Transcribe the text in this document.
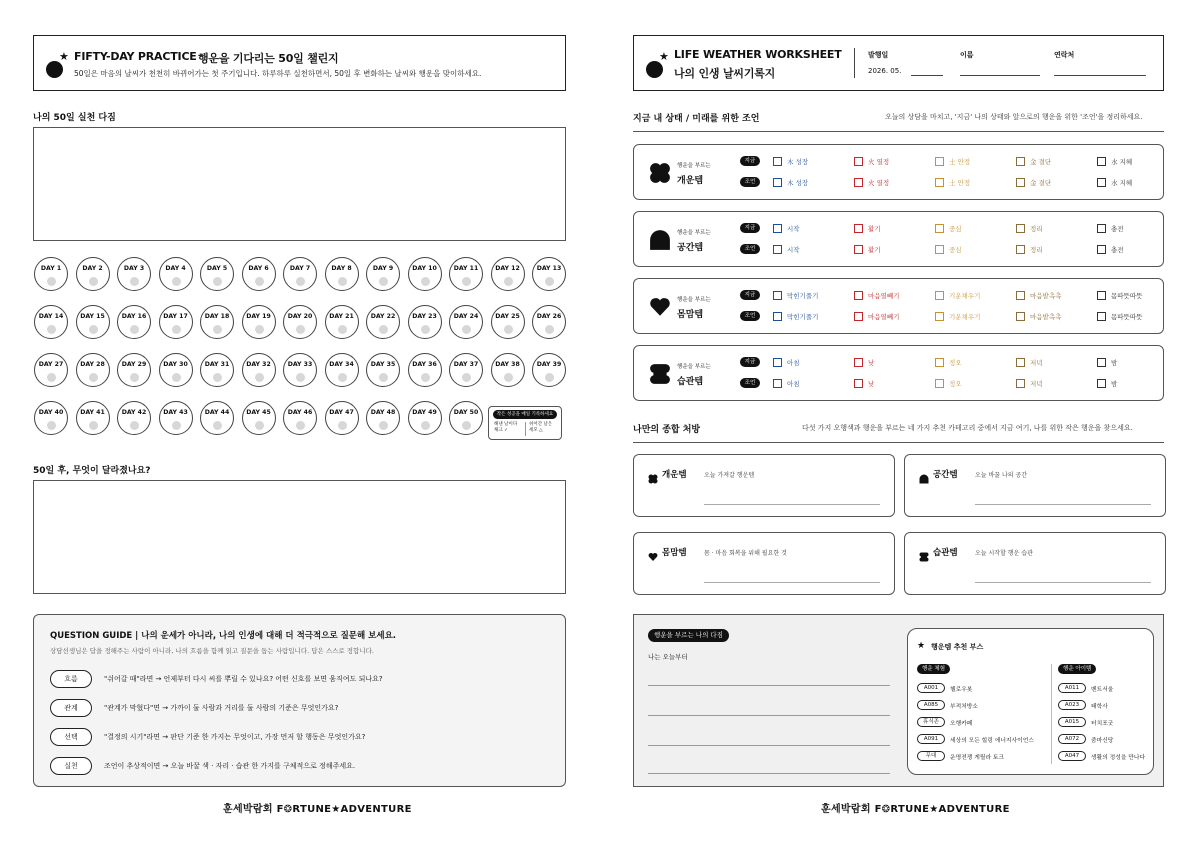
★ FIFTY-DAY PRACTICE 행운을 기다리는 50일 챌린지
50일은 마음의 날씨가 천천히 바뀌어가는 첫 주기입니다. 하루하루 실천하면서, 50일 후 변화하는 날씨와 행운을 맞이하세요.
나의 50일 실천 다짐
DAY 1	DAY 2	DAY 3	DAY 4	DAY 5	DAY 6	DAY 7	DAY 8	DAY 9	DAY 10	DAY 11	DAY 12	DAY 13
DAY 14	DAY 15	DAY 16	DAY 17	DAY 18	DAY 19	DAY 20	DAY 21	DAY 22	DAY 23	DAY 24	DAY 25	DAY 26
DAY 27	DAY 28	DAY 29	DAY 30	DAY 31	DAY 32	DAY 33	DAY 34	DAY 35	DAY 36	DAY 37	DAY 38	DAY 39
DAY 40	DAY 41	DAY 42	DAY 43	DAY 44	DAY 45	DAY 46	DAY 47	DAY 48	DAY 49	DAY 50	작은 성공을 매일 기록하세요
해낸 날이다
체크 ✓
쉬어간 날은
세모 △
50일 후, 무엇이 달라졌나요?
QUESTION GUIDE | 나의 운세가 아니라, 나의 인생에 대해 더 적극적으로 질문해 보세요.
상담선생님은 답을 정해주는 사람이 아니라, 나의 흐름을 함께 읽고 질문을 돕는 사람입니다. 답은 스스로 정합니다.
흐름	"쉬어갈 때"라면 → 언제부터 다시 씨를 뿌릴 수 있나요? 어떤 신호를 보면 움직여도 되나요?
관계	"관계가 막혔다"면 → 가까이 둘 사람과 거리를 둘 사람의 기준은 무엇인가요?
선택	"결정의 시기"라면 → 판단 기준 한 가지는 무엇이고, 가장 먼저 할 행동은 무엇인가요?
실천	조언이 추상적이면 → 오늘 바꿀 색 · 자리 · 습관 한 가지를 구체적으로 정해주세요.
훈세박람회 F❂RTUNE★ADVENTURE
★ LIFE WEATHER WORKSHEET
나의 인생 날씨기록지
발행일
2026. 05.
이름	연락처
지금 내 상태 / 미래를 위한 조언	오늘의 상담을 마치고, '지금' 나의 상태와 앞으로의 행운을 위한 '조언'을 정리하세요.
행운을 부르는
개운템
지금	木 성장	火 열정	土 안정	金 결단	水 지혜
조언	木 성장	火 열정	土 안정	金 결단	水 지혜
행운을 부르는
공간템
지금	시작	활기	중심	정리	충전
조언	시작	활기	중심	정리	충전
행운을 부르는
몸맘템
지금	막힌기풀기	마음열빼기	기운채우기	마음밭촉촉	몸따뜻따뜻
조언	막힌기풀기	마음열빼기	기운채우기	마음밭촉촉	몸따뜻따뜻
행운을 부르는
습관템
지금	아침	낮	정오	저녁	밤
조언	아침	낮	정오	저녁	밤
나만의 종합 처방	다섯 가지 오행색과 행운을 부르는 네 가지 추천 카테고리 중에서 지금 여기, 나를 위한 작은 행운을 찾으세요.
개운템	오늘 가져갈 행운템	공간템	오늘 바꿀 나의 공간
몸맘템	몸 · 마음 회복을 위해 필요한 것	습관템	오늘 시작할 행운 습관
행운을 부르는 나의 다짐
나는 오늘부터
★ 행운템 추천 부스
행운 체험	행운 아이템
A001	헬로우봇
A085	부적처방소
휴식존	오행카페
A091	세상의 모든 힐링 에너지사이언스
무대	운명전쟁 게릴라 토크
A011	벤트서울
A023	태학사
A015	터치포굿
A072	줌마신당
A047	생활의 정성을 만나다
훈세박람회 F❂RTUNE★ADVENTURE
